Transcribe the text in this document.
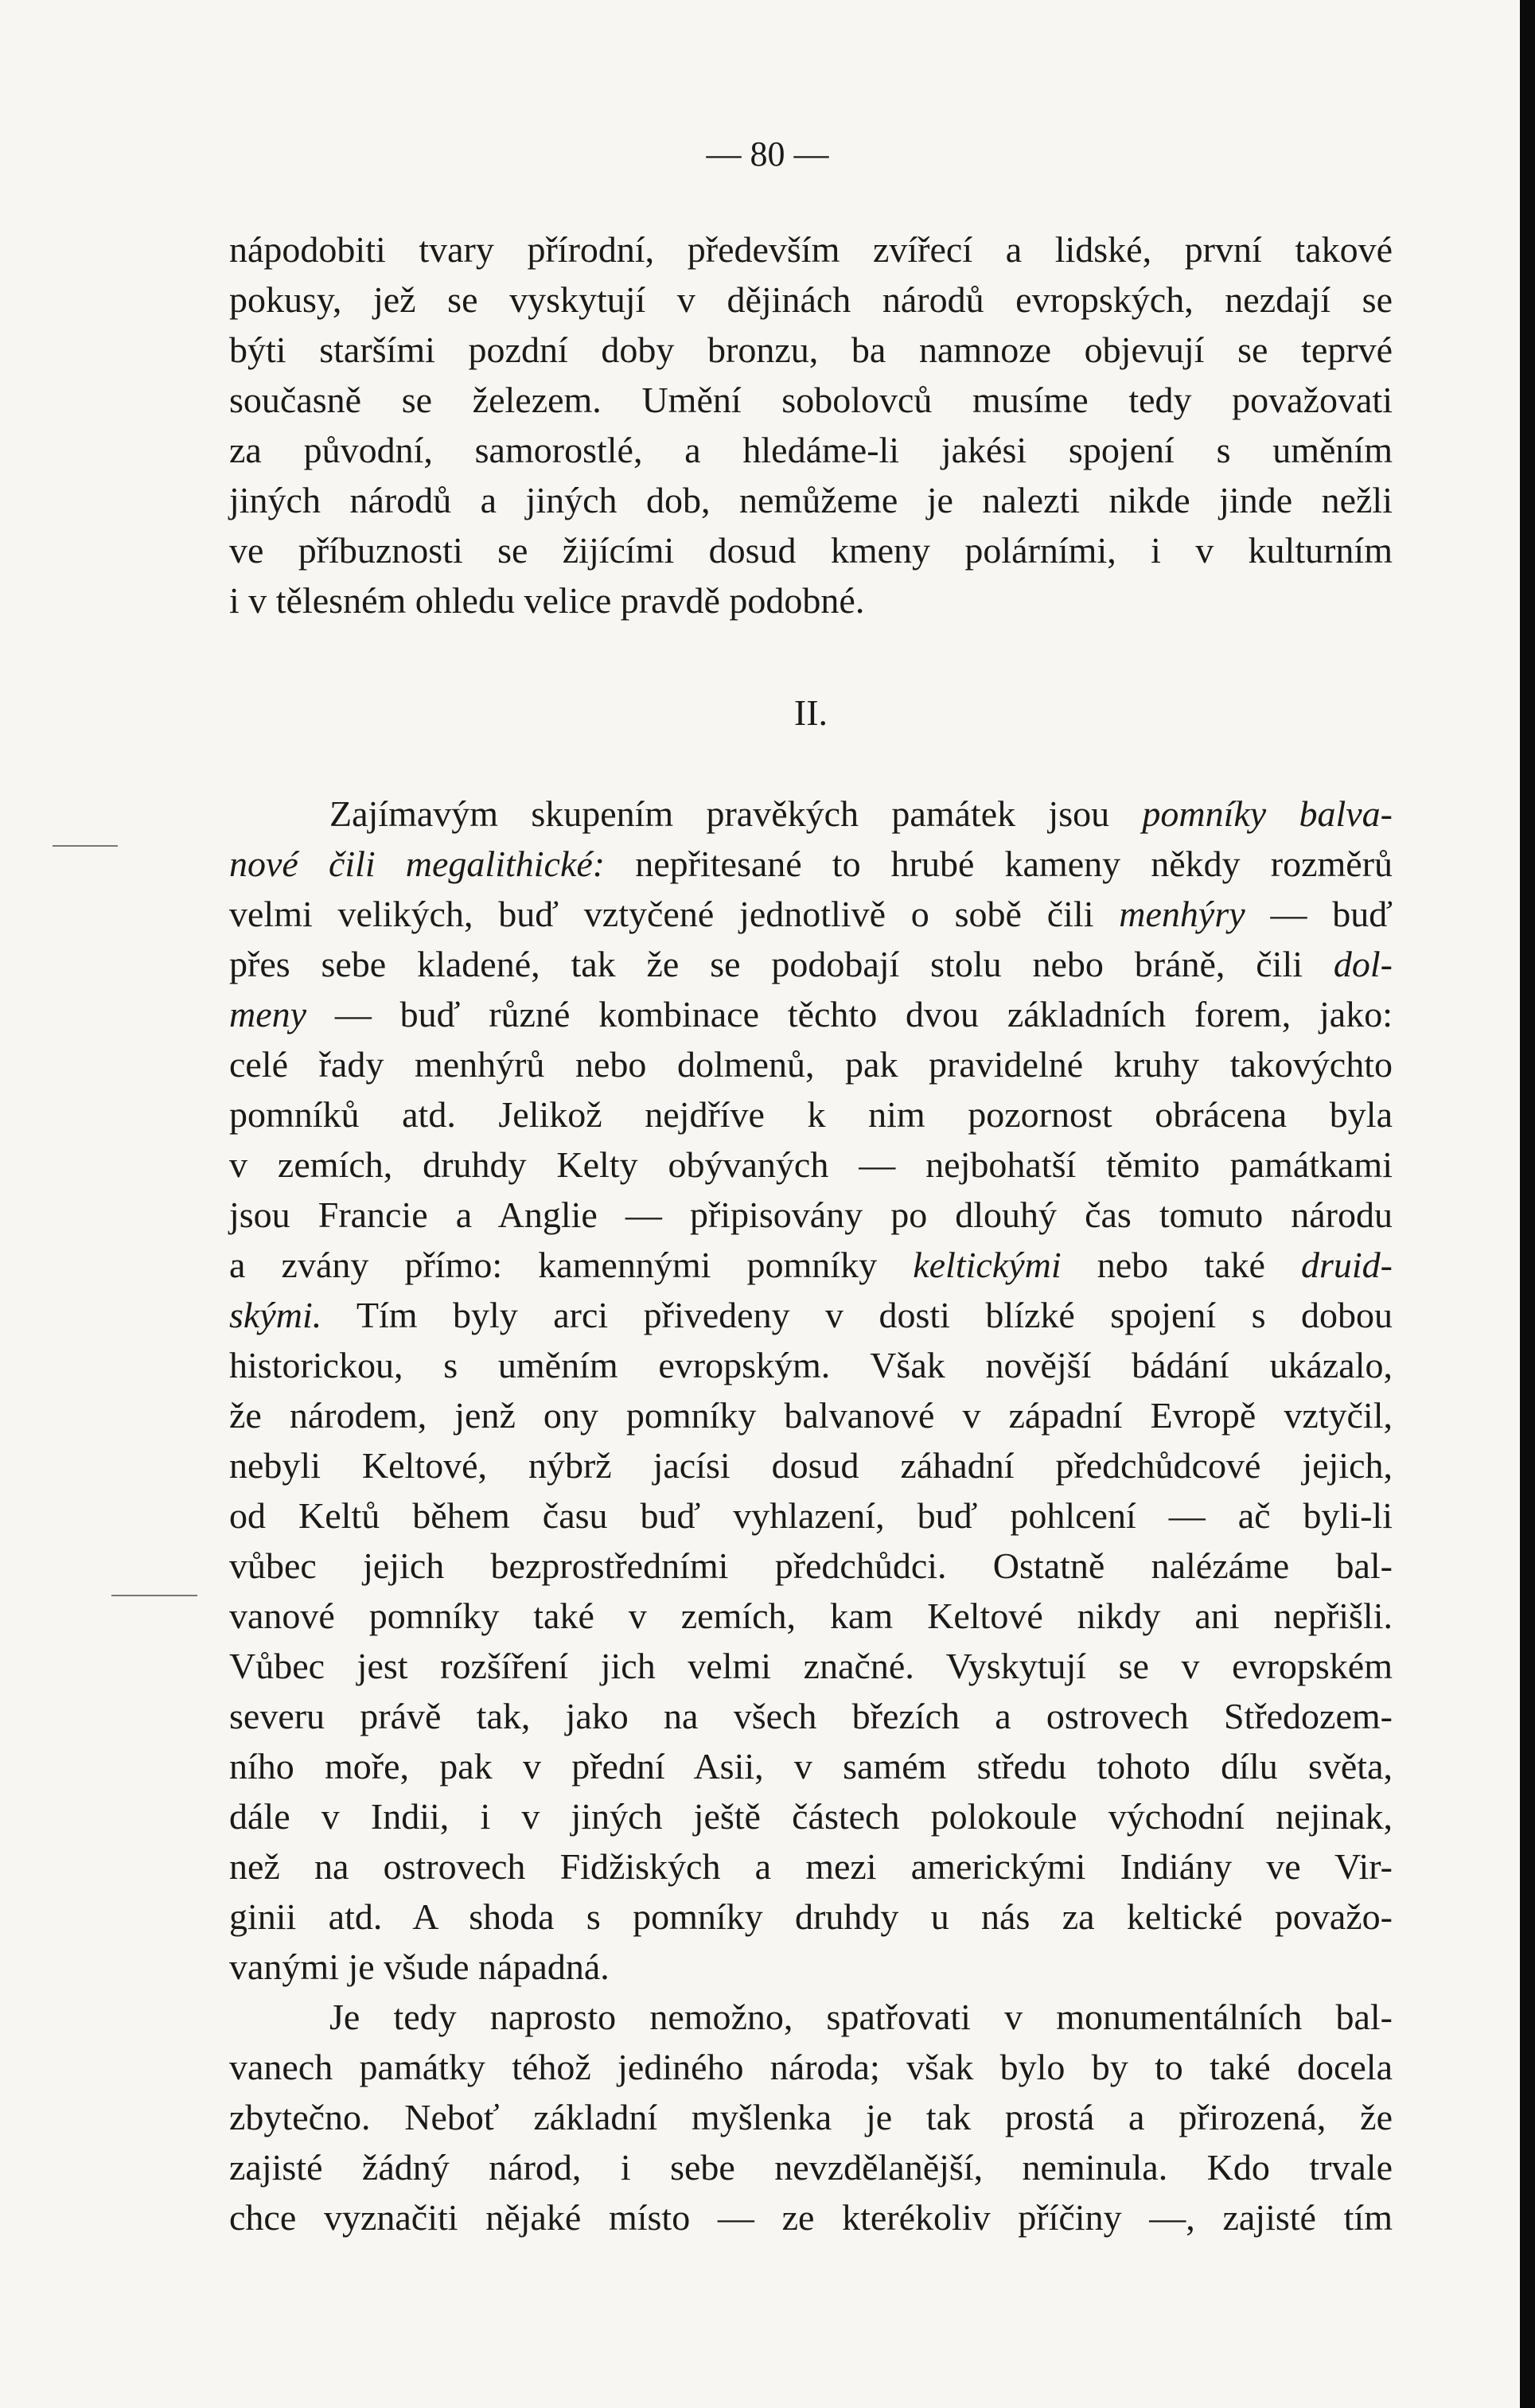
— 80 —

nápodobiti tvary přírodní, především zvířecí a lidské, první takové
pokusy, jež se vyskytují v dějinách národů evropských, nezdají se
býti staršími pozdní doby bronzu, ba namnoze objevují se teprvé
současně se železem. Umění sobolovců musíme tedy považovati
za původní, samorostlé, a hledáme-li jakési spojení s uměním
jiných národů a jiných dob, nemůžeme je nalezti nikde jinde nežli
ve příbuznosti se žijícími dosud kmeny polárními, i v kulturním
i v tělesném ohledu velice pravdě podobné.

II.

Zajímavým skupením pravěkých památek jsou pomníky balva-
nové čili megalithické: nepřitesané to hrubé kameny někdy rozměrů
velmi velikých, buď vztyčené jednotlivě o sobě čili menhýry — buď
přes sebe kladené, tak že se podobají stolu nebo bráně, čili dol-
meny — buď různé kombinace těchto dvou základních forem, jako:
celé řady menhýrů nebo dolmenů, pak pravidelné kruhy takovýchto
pomníků atd. Jelikož nejdříve k nim pozornost obrácena byla
v zemích, druhdy Kelty obývaných — nejbohatší těmito památkami
jsou Francie a Anglie — připisovány po dlouhý čas tomuto národu
a zvány přímo: kamennými pomníky keltickými nebo také druid-
skými. Tím byly arci přivedeny v dosti blízké spojení s dobou
historickou, s uměním evropským. Však novější bádání ukázalo,
že národem, jenž ony pomníky balvanové v západní Evropě vztyčil,
nebyli Keltové, nýbrž jacísi dosud záhadní předchůdcové jejich,
od Keltů během času buď vyhlazení, buď pohlcení — ač byli-li
vůbec jejich bezprostředními předchůdci. Ostatně nalézáme bal-
vanové pomníky také v zemích, kam Keltové nikdy ani nepřišli.
Vůbec jest rozšíření jich velmi značné. Vyskytují se v evropském
severu právě tak, jako na všech březích a ostrovech Středozem-
ního moře, pak v přední Asii, v samém středu tohoto dílu světa,
dále v Indii, i v jiných ještě částech polokoule východní nejinak,
než na ostrovech Fidžiských a mezi americkými Indiány ve Vir-
ginii atd. A shoda s pomníky druhdy u nás za keltické považo-
vanými je všude nápadná.

Je tedy naprosto nemožno, spatřovati v monumentálních bal-
vanech památky téhož jediného národa; však bylo by to také docela
zbytečno. Neboť základní myšlenka je tak prostá a přirozená, že
zajisté žádný národ, i sebe nevzdělanější, neminula. Kdo trvale
chce vyznačiti nějaké místo — ze kterékoliv příčiny —, zajisté tím
